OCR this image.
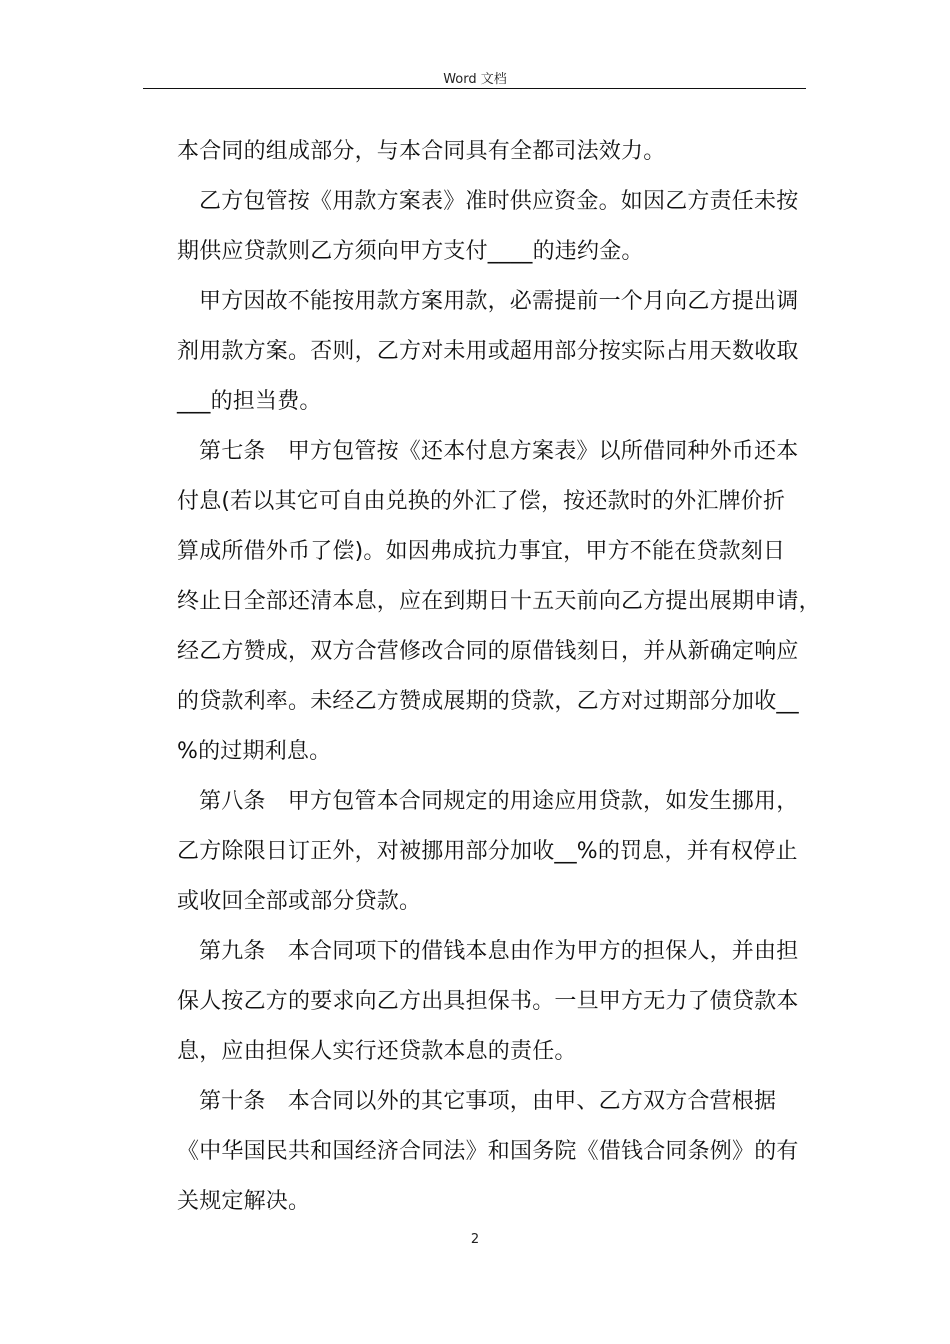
Word 文档
本合同的组成部分，与本合同具有全都司法效力。
乙方包管按《用款方案表》准时供应资金。如因乙方责任未按
期供应贷款则乙方须向甲方支付____的违约金。
甲方因故不能按用款方案用款，必需提前一个月向乙方提出调
剂用款方案。否则，乙方对未用或超用部分按实际占用天数收取
___的担当费。
第七条　甲方包管按《还本付息方案表》以所借同种外币还本
付息(若以其它可自由兑换的外汇了偿，按还款时的外汇牌价折
算成所借外币了偿)。如因弗成抗力事宜，甲方不能在贷款刻日
终止日全部还清本息，应在到期日十五天前向乙方提出展期申请，
经乙方赞成，双方合营修改合同的原借钱刻日，并从新确定响应
的贷款利率。未经乙方赞成展期的贷款，乙方对过期部分加收__
%的过期利息。
第八条　甲方包管本合同规定的用途应用贷款，如发生挪用，
乙方除限日订正外，对被挪用部分加收__%的罚息，并有权停止
或收回全部或部分贷款。
第九条　本合同项下的借钱本息由作为甲方的担保人，并由担
保人按乙方的要求向乙方出具担保书。一旦甲方无力了债贷款本
息，应由担保人实行还贷款本息的责任。
第十条　本合同以外的其它事项，由甲、乙方双方合营根据
《中华国民共和国经济合同法》和国务院《借钱合同条例》的有
关规定解决。
2
